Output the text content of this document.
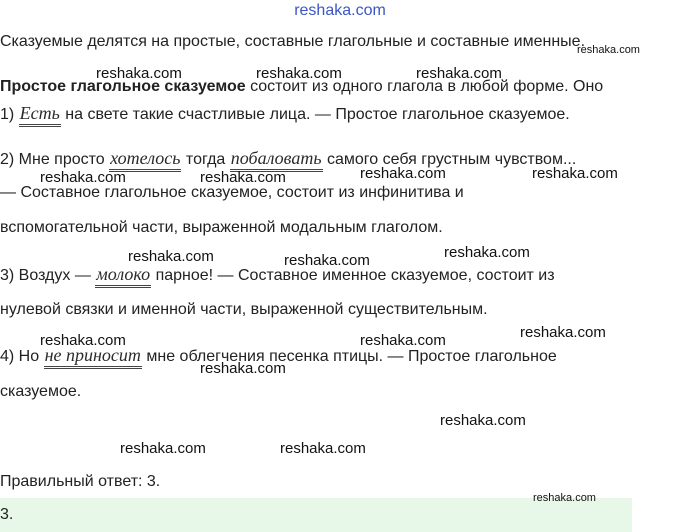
reshaka.com
Сказуемые делятся на простые, составные глагольные и составные именные.
Простое глагольное сказуемое состоит из одного глагола в любой форме. Оно
1) Есть на свете такие счастливые лица. — Простое глагольное сказуемое.
2) Мне просто хотелось тогда побаловать самого себя грустным чувством...
— Составное глагольное сказуемое, состоит из инфинитива и
вспомогательной части, выраженной модальным глаголом.
3) Воздух — молоко парное! — Составное именное сказуемое, состоит из
нулевой связки и именной части, выраженной существительным.
4) Но не приносит мне облегчения песенка птицы. — Простое глагольное
сказуемое.
Правильный ответ: 3.
3.
reshaka.com
reshaka.com	reshaka.com	reshaka.com
reshaka.com	reshaka.com	reshaka.com	reshaka.com
reshaka.com	reshaka.com	reshaka.com
reshaka.com	reshaka.com	reshaka.com
reshaka.com
reshaka.com
reshaka.com	reshaka.com
reshaka.com
